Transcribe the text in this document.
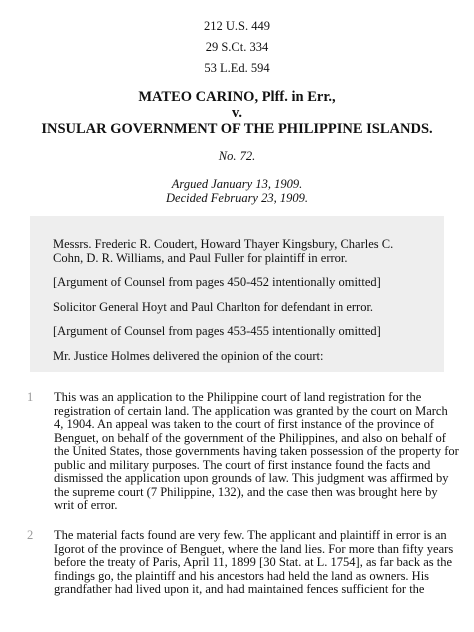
212 U.S. 449
29 S.Ct. 334
53 L.Ed. 594
MATEO CARINO, Plff. in Err.,
v.
INSULAR GOVERNMENT OF THE PHILIPPINE ISLANDS.
No. 72.
Argued January 13, 1909.
Decided February 23, 1909.

Messrs. Frederic R. Coudert, Howard Thayer Kingsbury, Charles C. Cohn, D. R. Williams, and Paul Fuller for plaintiff in error.

[Argument of Counsel from pages 450-452 intentionally omitted]

Solicitor General Hoyt and Paul Charlton for defendant in error.

[Argument of Counsel from pages 453-455 intentionally omitted]

Mr. Justice Holmes delivered the opinion of the court:

1 This was an application to the Philippine court of land registration for the registration of certain land. The application was granted by the court on March 4, 1904. An appeal was taken to the court of first instance of the province of Benguet, on behalf of the government of the Philippines, and also on behalf of the United States, those governments having taken possession of the property for public and military purposes. The court of first instance found the facts and dismissed the application upon grounds of law. This judgment was affirmed by the supreme court (7 Philippine, 132), and the case then was brought here by writ of error.
2 The material facts found are very few. The applicant and plaintiff in error is an Igorot of the province of Benguet, where the land lies. For more than fifty years before the treaty of Paris, April 11, 1899 [30 Stat. at L. 1754], as far back as the findings go, the plaintiff and his ancestors had held the land as owners. His grandfather had lived upon it, and had maintained fences sufficient for the
